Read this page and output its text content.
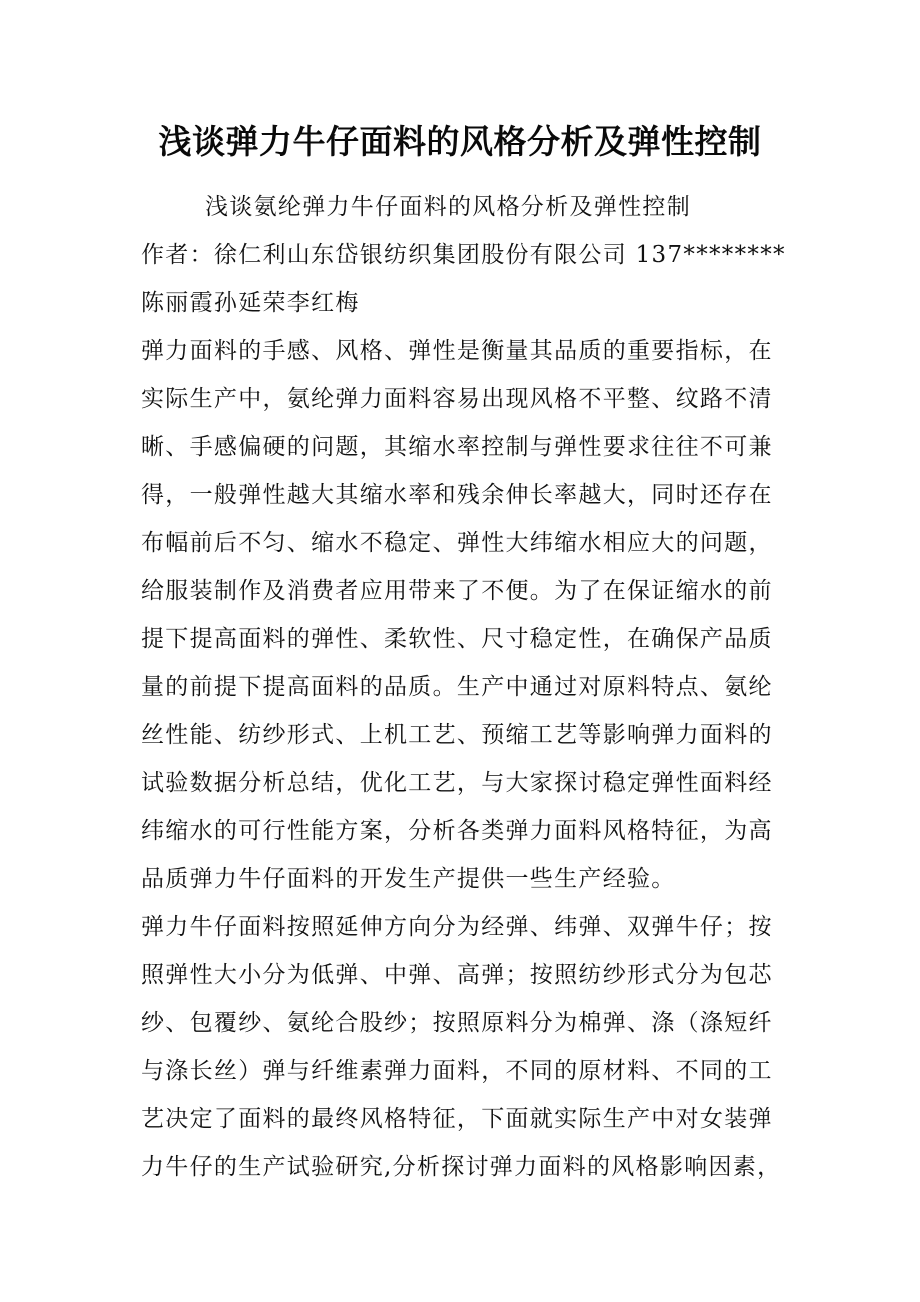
浅谈弹力牛仔面料的风格分析及弹性控制
浅谈氨纶弹力牛仔面料的风格分析及弹性控制
作者：徐仁利山东岱银纺织集团股份有限公司 137********
陈丽霞孙延荣李红梅
弹力面料的手感、风格、弹性是衡量其品质的重要指标，在
实际生产中，氨纶弹力面料容易出现风格不平整、纹路不清
晰、手感偏硬的问题，其缩水率控制与弹性要求往往不可兼
得，一般弹性越大其缩水率和残余伸长率越大，同时还存在
布幅前后不匀、缩水不稳定、弹性大纬缩水相应大的问题，
给服装制作及消费者应用带来了不便。为了在保证缩水的前
提下提高面料的弹性、柔软性、尺寸稳定性，在确保产品质
量的前提下提高面料的品质。生产中通过对原料特点、氨纶
丝性能、纺纱形式、上机工艺、预缩工艺等影响弹力面料的
试验数据分析总结，优化工艺，与大家探讨稳定弹性面料经
纬缩水的可行性能方案，分析各类弹力面料风格特征，为高
品质弹力牛仔面料的开发生产提供一些生产经验。
弹力牛仔面料按照延伸方向分为经弹、纬弹、双弹牛仔；按
照弹性大小分为低弹、中弹、高弹；按照纺纱形式分为包芯
纱、包覆纱、氨纶合股纱；按照原料分为棉弹、涤（涤短纤
与涤长丝）弹与纤维素弹力面料，不同的原材料、不同的工
艺决定了面料的最终风格特征，下面就实际生产中对女装弹
力牛仔的生产试验研究,分析探讨弹力面料的风格影响因素，
